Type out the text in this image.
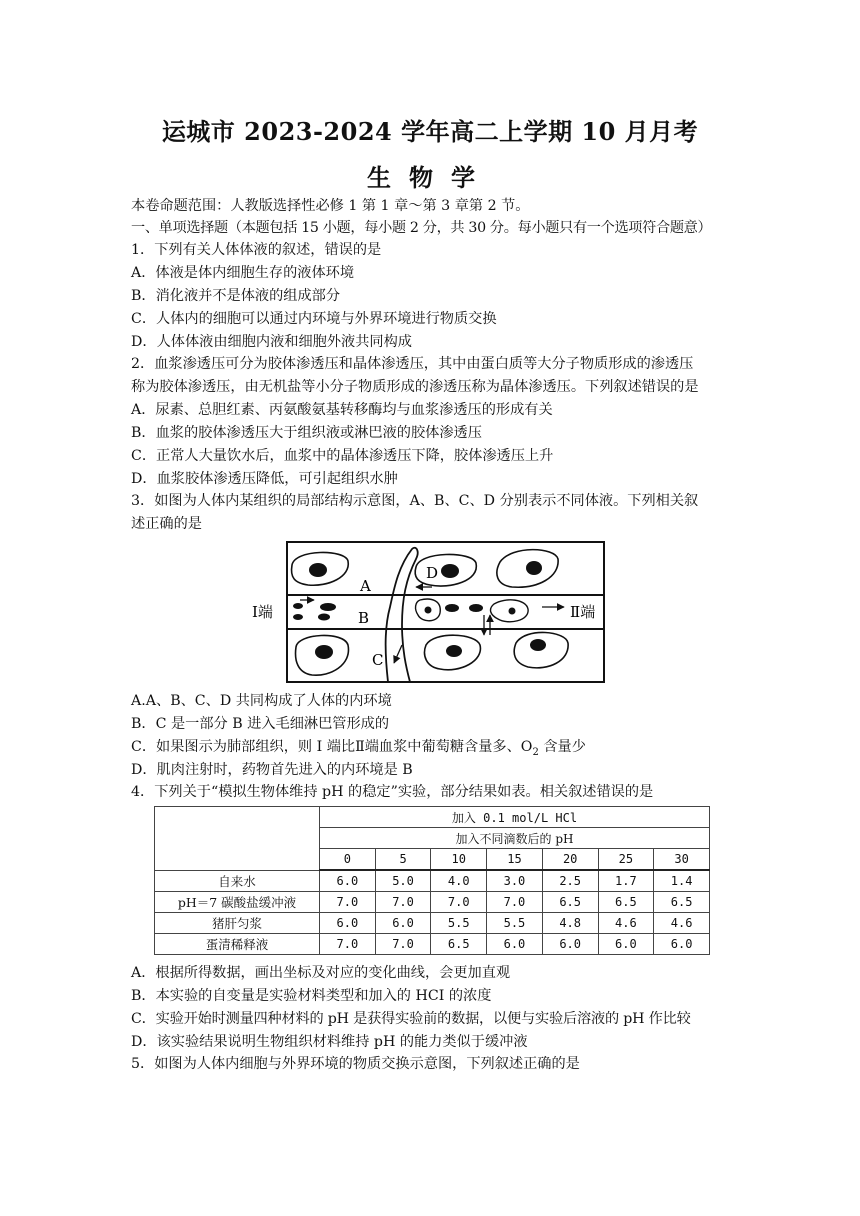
运城市 2023-2024 学年高二上学期 10 月月考
生物学
本卷命题范围：人教版选择性必修 1 第 1 章～第 3 章第 2 节。
一、单项选择题（本题包括 15 小题，每小题 2 分，共 30 分。每小题只有一个选项符合题意）
1．下列有关人体体液的叙述，错误的是
A．体液是体内细胞生存的液体环境
B．消化液并不是体液的组成部分
C．人体内的细胞可以通过内环境与外界环境进行物质交换
D．人体体液由细胞内液和细胞外液共同构成
2．血浆渗透压可分为胶体渗透压和晶体渗透压，其中由蛋白质等大分子物质形成的渗透压
称为胶体渗透压，由无机盐等小分子物质形成的渗透压称为晶体渗透压。下列叙述错误的是
A．尿素、总胆红素、丙氨酸氨基转移酶均与血浆渗透压的形成有关
B．血浆的胶体渗透压大于组织液或淋巴液的胶体渗透压
C．正常人大量饮水后，血浆中的晶体渗透压下降，胶体渗透压上升
D．血浆胶体渗透压降低，可引起组织水肿
3．如图为人体内某组织的局部结构示意图，A、B、C、D 分别表示不同体液。下列相关叙
述正确的是
Ⅰ端	Ⅱ端
A
B
C
D
A.A、B、C、D 共同构成了人体的内环境
B．C 是一部分 B 进入毛细淋巴管形成的
C．如果图示为肺部组织，则 I 端比Ⅱ端血浆中葡萄糖含量多、$O_2$ 含量少
D．肌肉注射时，药物首先进入的内环境是 B
4．下列关于“模拟生物体维持 pH 的稳定”实验，部分结果如表。相关叙述错误的是
	加入 0.1 mol/L HCl						
	加入不同滴数后的 pH						
	0	5	10	15	20	25	30
自来水	6.0	5.0	4.0	3.0	2.5	1.7	1.4
pH＝7 碳酸盐缓冲液	7.0	7.0	7.0	7.0	6.5	6.5	6.5
猪肝匀浆	6.0	6.0	5.5	5.5	4.8	4.6	4.6
蛋清稀释液	7.0	7.0	6.5	6.0	6.0	6.0	6.0
A．根据所得数据，画出坐标及对应的变化曲线，会更加直观
B．本实验的自变量是实验材料类型和加入的 HCI 的浓度
C．实验开始时测量四种材料的 pH 是获得实验前的数据，以便与实验后溶液的 pH 作比较
D．该实验结果说明生物组织材料维持 pH 的能力类似于缓冲液
5．如图为人体内细胞与外界环境的物质交换示意图，下列叙述正确的是
